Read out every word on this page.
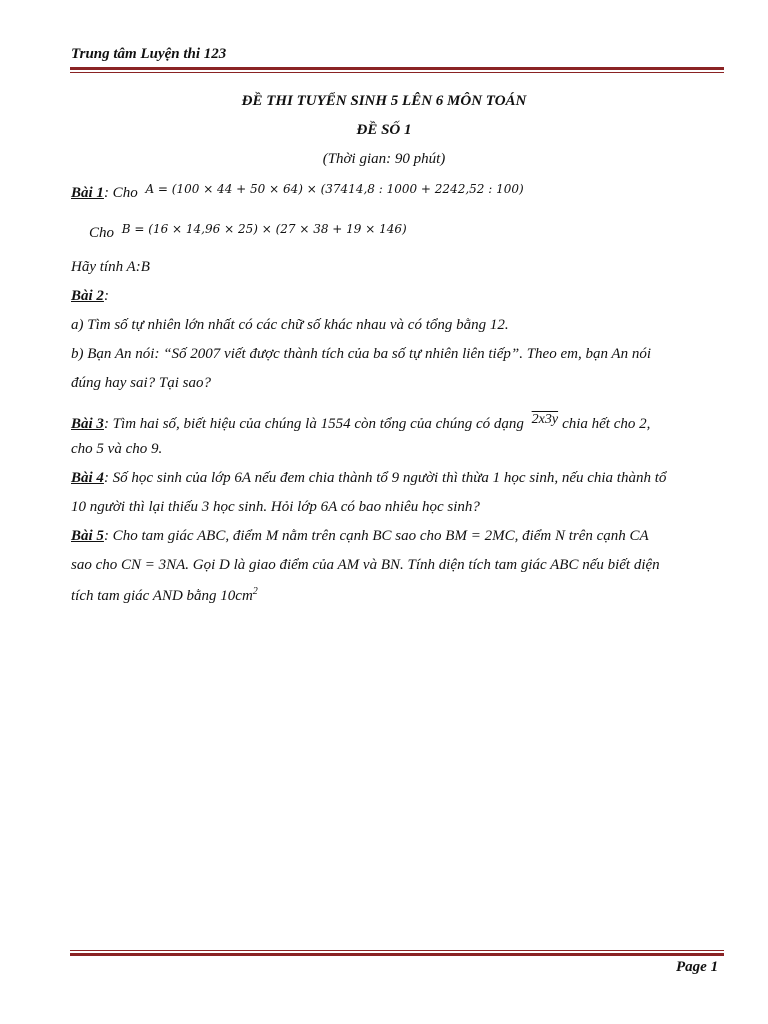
Trung tâm Luyện thi 123
ĐỀ THI TUYỂN SINH 5 LÊN 6 MÔN TOÁN
ĐỀ SỐ 1
(Thời gian: 90 phút)
Bài 1: Cho $^{A = (100 \times 44 + 50 \times 64) \times (37414,8 : 1000 + 2242,52 : 100)}$
Cho $^{B = (16 \times 14,96 \times 25) \times (27 \times 38 + 19 \times 146)}$
Hãy tính A:B
Bài 2:
a) Tìm số tự nhiên lớn nhất có các chữ số khác nhau và có tổng bằng 12.
b) Bạn An nói: “Số 2007 viết được thành tích của ba số tự nhiên liên tiếp”. Theo em, bạn An nói
đúng hay sai? Tại sao?
Bài 3: Tìm hai số, biết hiệu của chúng là 1554 còn tổng của chúng có dạng 2x3y chia hết cho 2,
cho 5 và cho 9.
Bài 4: Số học sinh của lớp 6A nếu đem chia thành tổ 9 người thì thừa 1 học sinh, nếu chia thành tổ
10 người thì lại thiếu 3 học sinh. Hỏi lớp 6A có bao nhiêu học sinh?
Bài 5: Cho tam giác ABC, điểm M nằm trên cạnh BC sao cho BM = 2MC, điểm N trên cạnh CA
sao cho CN = 3NA. Gọi D là giao điểm của AM và BN. Tính diện tích tam giác ABC nếu biết diện
tích tam giác AND bằng $10cm^2$
Page 1
